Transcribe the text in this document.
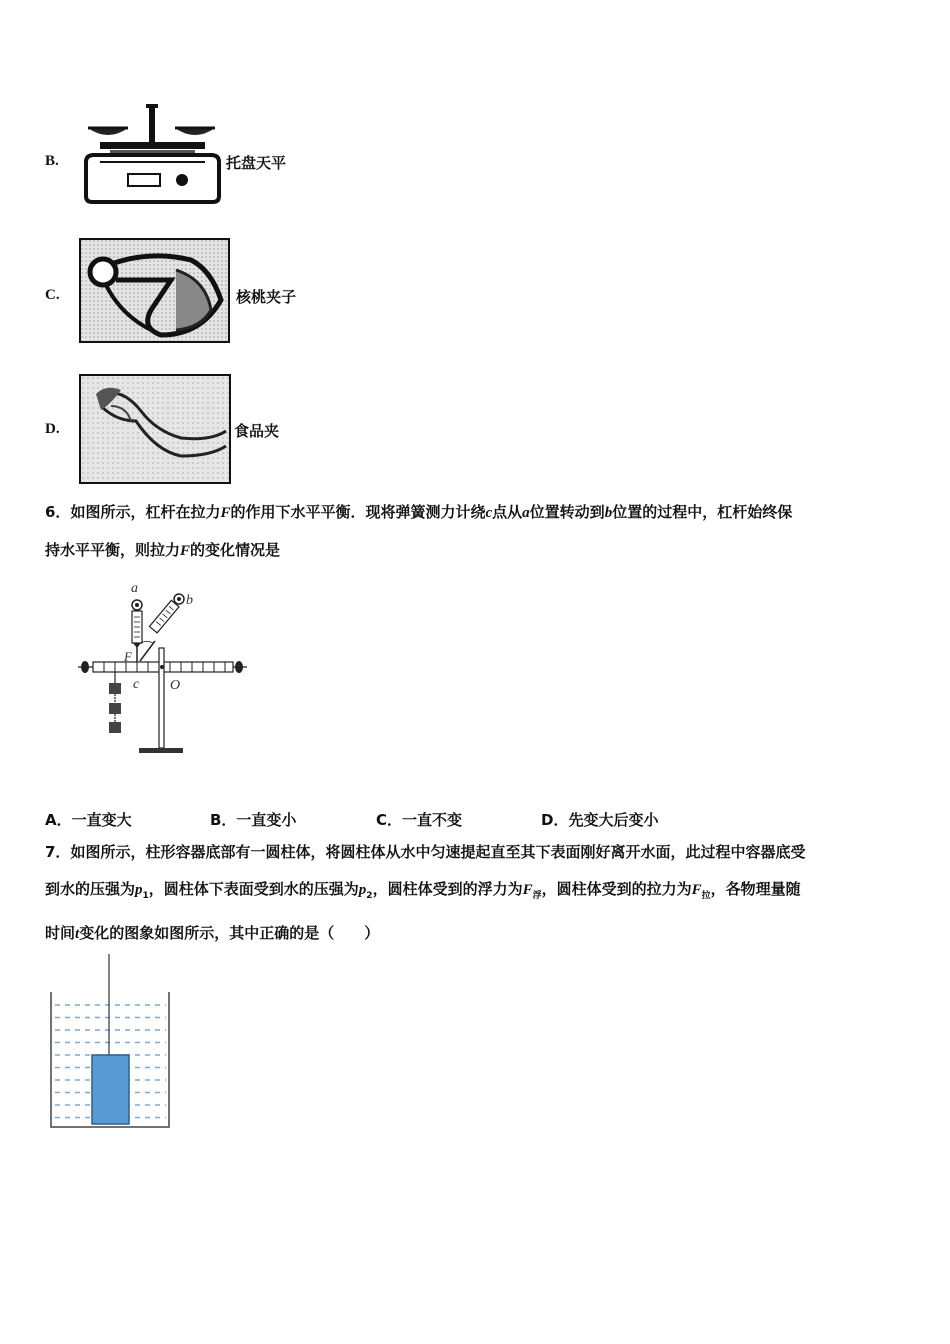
B.	托盘天平
C.	核桃夹子
D.	食品夹
6．如图所示，杠杆在拉力F的作用下水平平衡．现将弹簧测力计绕c点从a位置转动到b位置的过程中，杠杆始终保
持水平平衡，则拉力F的变化情况是
a
b
F
c O
A．一直变大	B．一直变小	C．一直不变	D．先变大后变小
7．如图所示，柱形容器底部有一圆柱体，将圆柱体从水中匀速提起直至其下表面刚好离开水面，此过程中容器底受
到水的压强为$p_1$，圆柱体下表面受到水的压强为$p_2$，圆柱体受到的浮力为$F_浮$，圆柱体受到的拉力为$F_拉$，各物理量随
时间t变化的图象如图所示，其中正确的是（　　）
